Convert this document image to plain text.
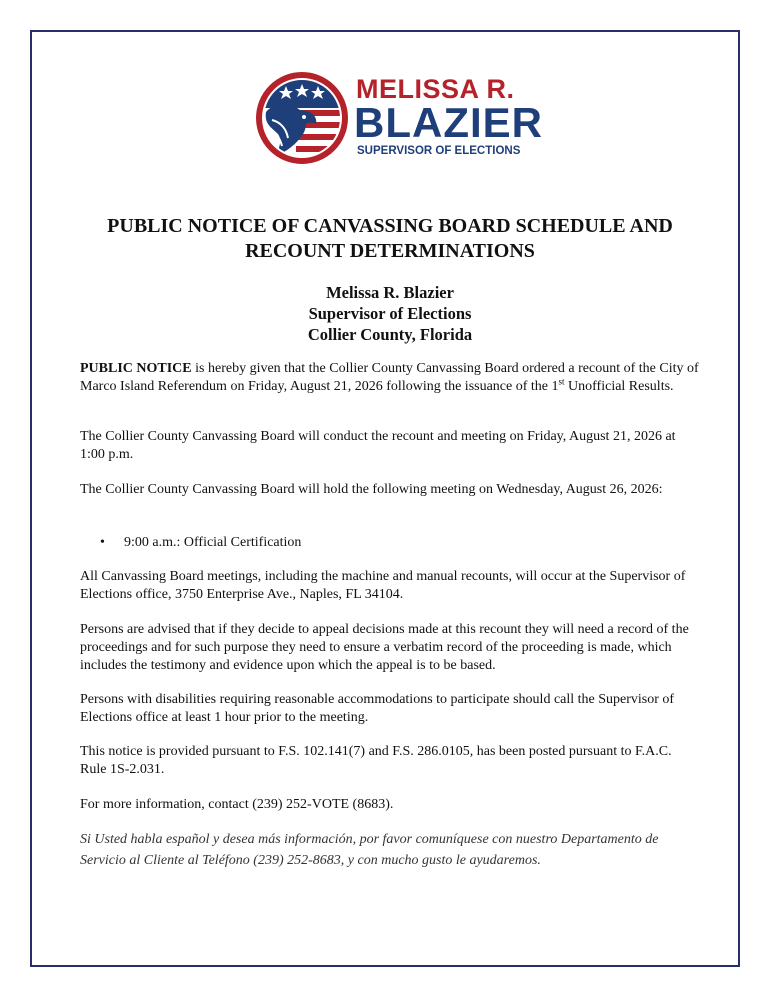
MELISSA R.
BLAZIER
SUPERVISOR OF ELECTIONS
PUBLIC NOTICE OF CANVASSING BOARD SCHEDULE AND
RECOUNT DETERMINATIONS
Melissa R. Blazier
Supervisor of Elections
Collier County, Florida

PUBLIC NOTICE is hereby given that the Collier County Canvassing Board ordered a recount of the City of Marco Island Referendum on Friday, August 21, 2026 following the issuance of the 1st Unofficial Results.

The Collier County Canvassing Board will conduct the recount and meeting on Friday, August 21, 2026 at 1:00 p.m.

The Collier County Canvassing Board will hold the following meeting on Wednesday, August 26, 2026:

• 9:00 a.m.: Official Certification

All Canvassing Board meetings, including the machine and manual recounts, will occur at the Supervisor of Elections office, 3750 Enterprise Ave., Naples, FL 34104.

Persons are advised that if they decide to appeal decisions made at this recount they will need a record of the proceedings and for such purpose they need to ensure a verbatim record of the proceeding is made, which includes the testimony and evidence upon which the appeal is to be based.

Persons with disabilities requiring reasonable accommodations to participate should call the Supervisor of Elections office at least 1 hour prior to the meeting.

This notice is provided pursuant to F.S. 102.141(7) and F.S. 286.0105, has been posted pursuant to F.A.C. Rule 1S-2.031.

For more information, contact (239) 252-VOTE (8683).

Si Usted habla español y desea más información, por favor comuníquese con nuestro Departamento de Servicio al Cliente al Teléfono (239) 252-8683, y con mucho gusto le ayudaremos.
